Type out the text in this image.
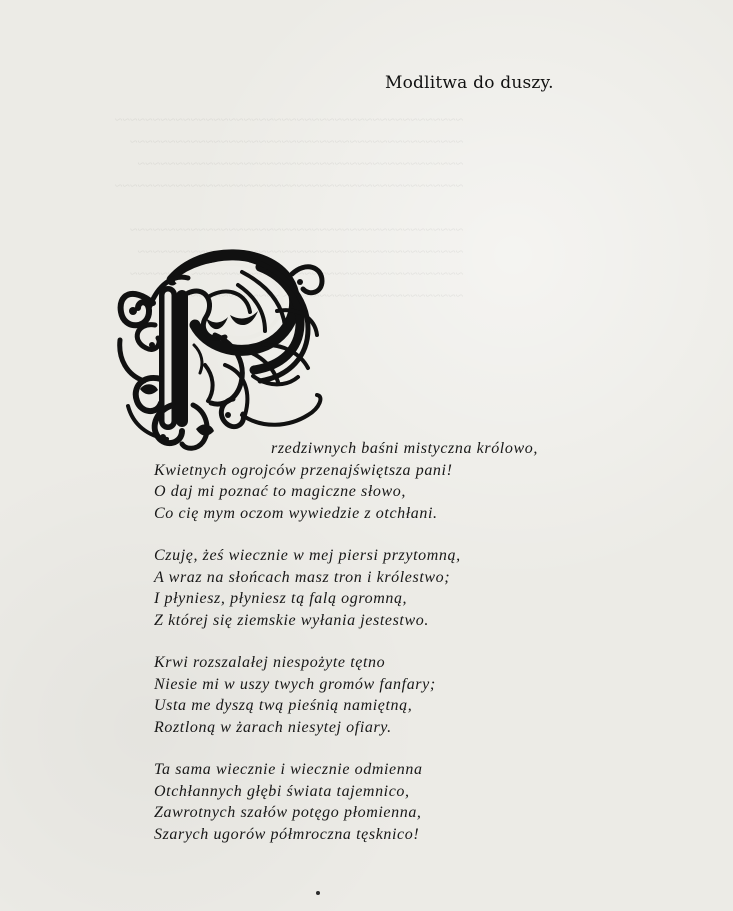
~~~~~~~~~~~~~~~~~~~~~~~~~~~~~~~~~~~~~~~~~~~~~~
~~~~~~~~~~~~~~~~~~~~~~~~~~~~~~~~~~~~~~~~~~~~
~~~~~~~~~~~~~~~~~~~~~~~~~~~~~~~~~~~~~~~~~~~
~~~~~~~~~~~~~~~~~~~~~~~~~~~~~~~~~~~~~~~~~~~~~~

~~~~~~~~~~~~~~~~~~~~~~~~~~~~~~~~~~~~~~~~~~~~
~~~~~~~~~~~~~~~~~~~~~~~~~~~~~~~~~~~~~~~~~~~
~~~~~~~~~~~~~~~~~~~~~~~~~~~~~~~~~~~~~~~~~~~~
~~~~~~~~~~~~~~~~~~~~~~~~~~~~~~~~~~~~~~~~~~~
Modlitwa do duszy.
rzedziwnych baśni mistyczna królowo,
Kwietnych ogrojców przenajświętsza pani!
O daj mi poznać to magiczne słowo,
Co cię mym oczom wywiedzie z otchłani.
Czuję, żeś wiecznie w mej piersi przytomną,
A wraz na słońcach masz tron i królestwo;
I płyniesz, płyniesz tą falą ogromną,
Z której się ziemskie wyłania jestestwo.
Krwi rozszalałej niespożyte tętno
Niesie mi w uszy twych gromów fanfary;
Usta me dyszą twą pieśnią namiętną,
Roztloną w żarach niesytej ofiary.
Ta sama wiecznie i wiecznie odmienna
Otchłannych głębi świata tajemnico,
Zawrotnych szałów potęgo płomienna,
Szarych ugorów półmroczna tęsknico!
